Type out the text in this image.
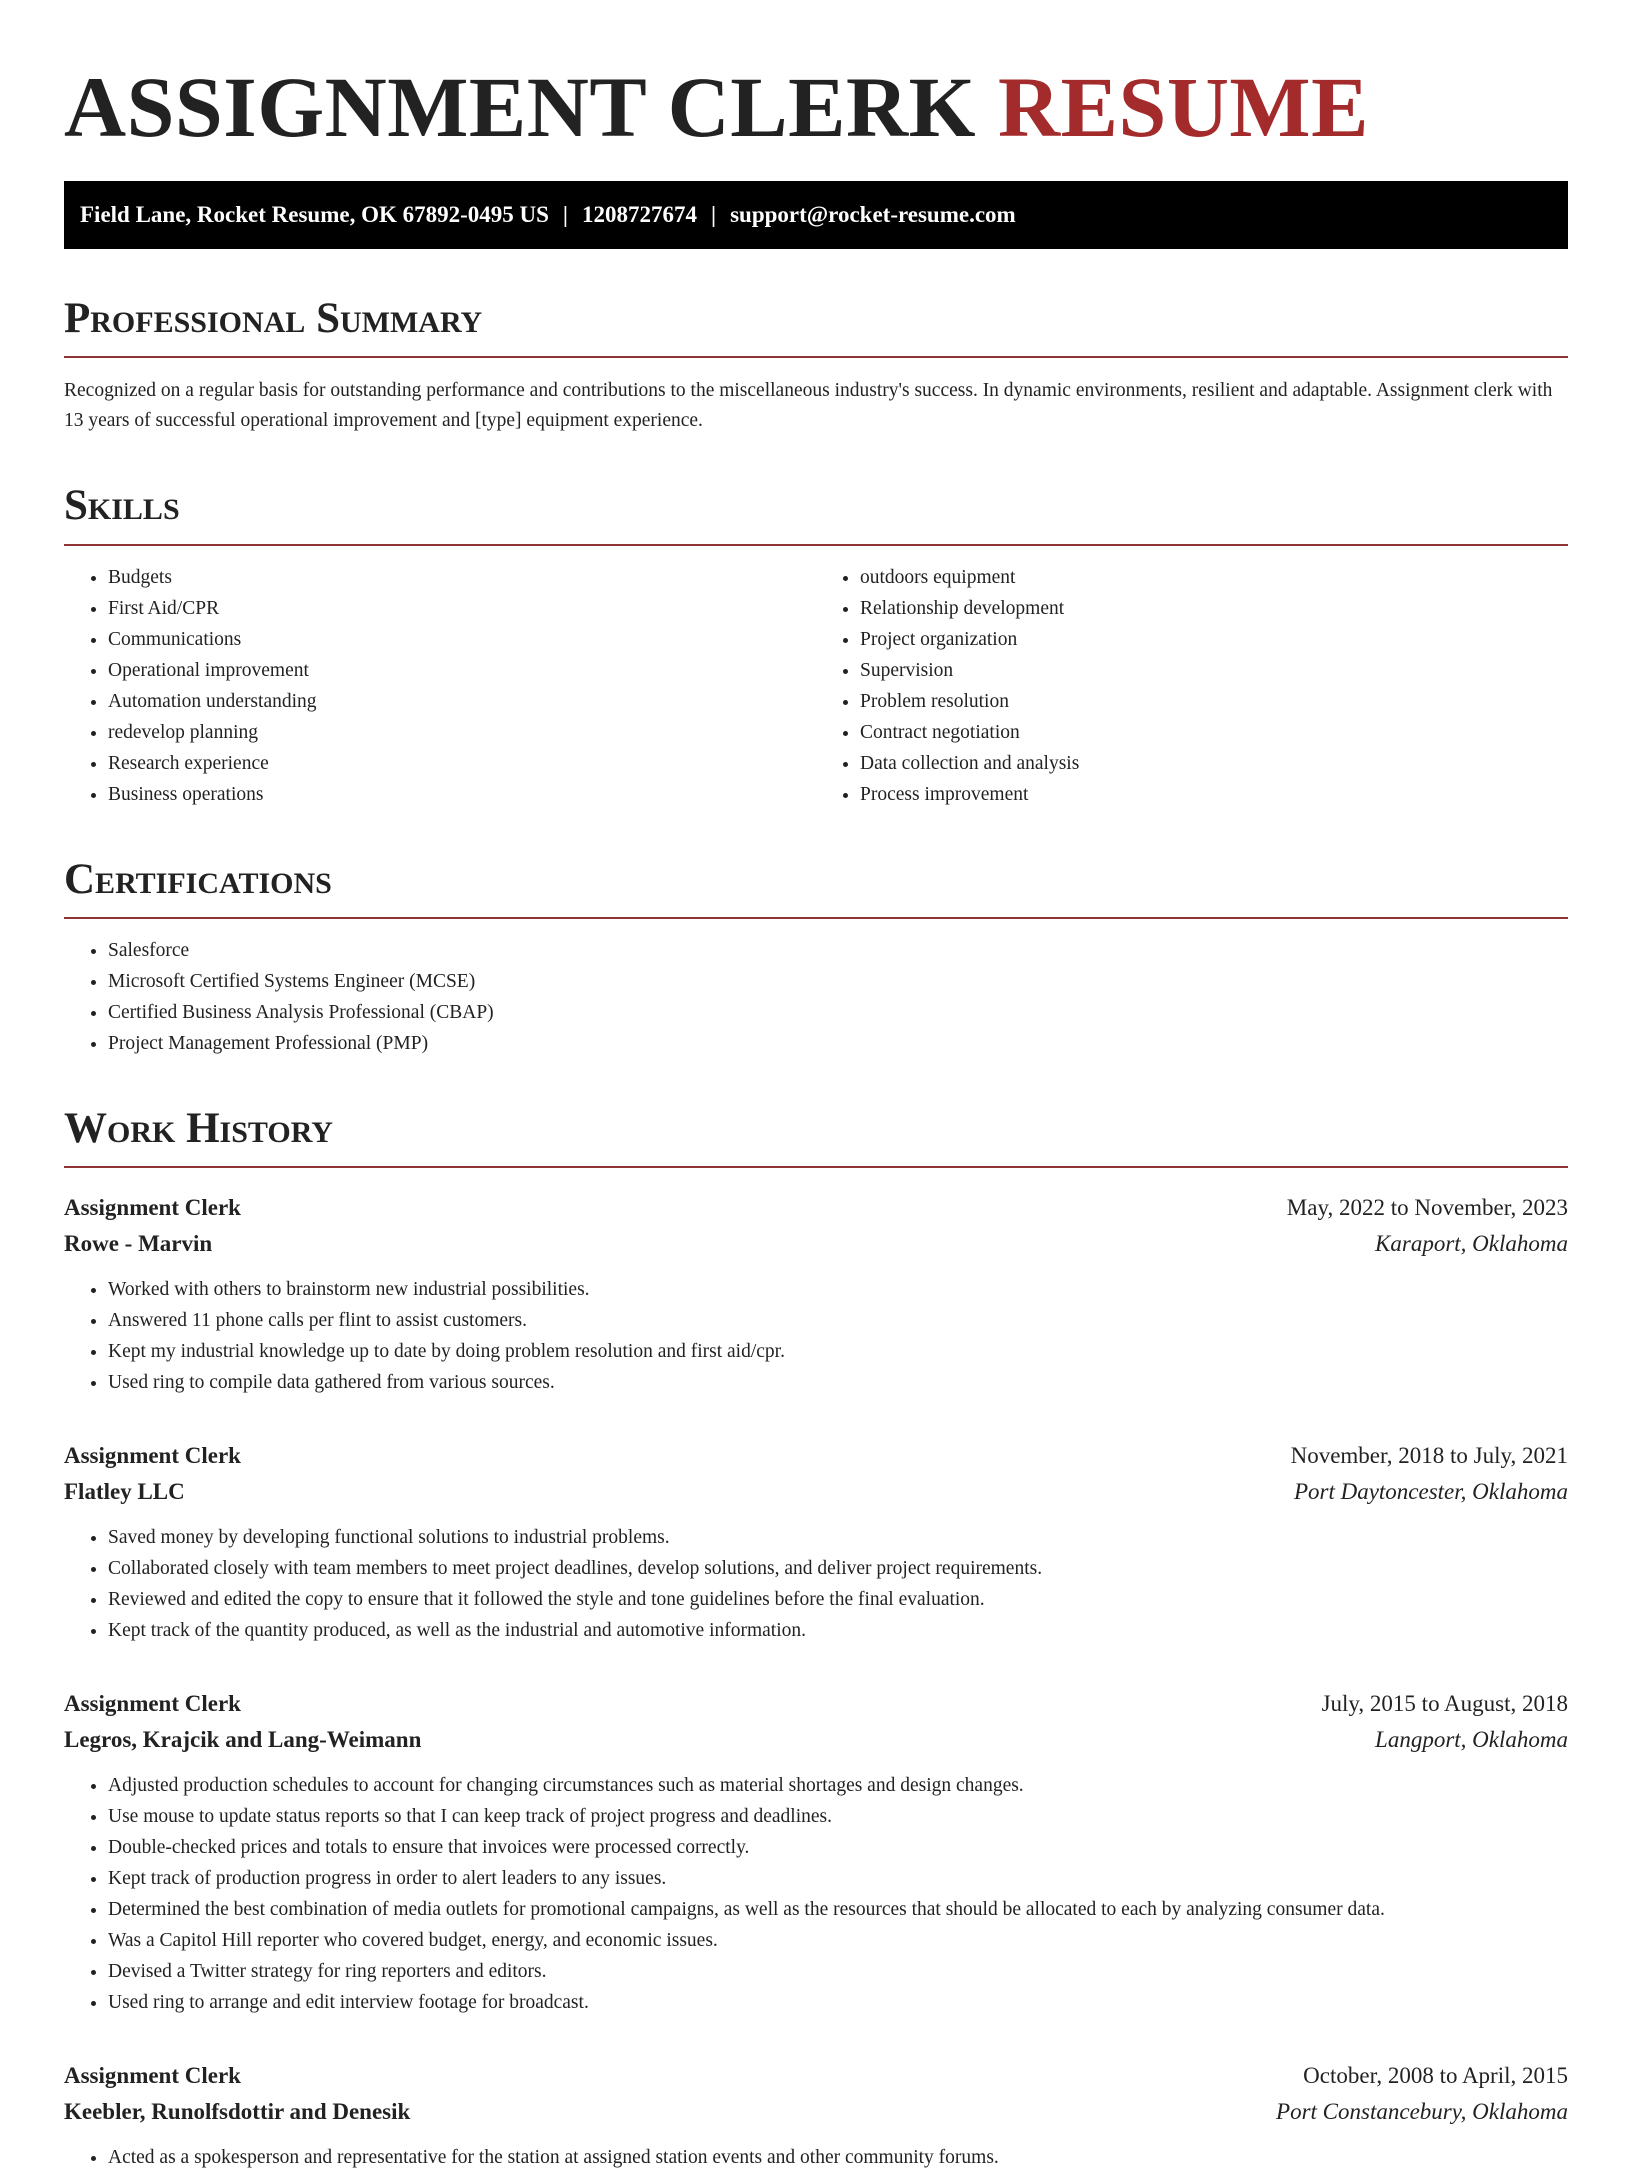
ASSIGNMENT CLERK RESUME
Field Lane, Rocket Resume, OK 67892-0495 US | 1208727674 | support@rocket-resume.com
Professional Summary

Recognized on a regular basis for outstanding performance and contributions to the miscellaneous industry's success. In dynamic environments, resilient and adaptable. Assignment clerk with 13 years of successful operational improvement and [type] equipment experience.

Skills
• Budgets
• First Aid/CPR
• Communications
• Operational improvement
• Automation understanding
• redevelop planning
• Research experience
• Business operations
• outdoors equipment
• Relationship development
• Project organization
• Supervision
• Problem resolution
• Contract negotiation
• Data collection and analysis
• Process improvement
Certifications
• Salesforce
• Microsoft Certified Systems Engineer (MCSE)
• Certified Business Analysis Professional (CBAP)
• Project Management Professional (PMP)
Work History
Assignment Clerk	May, 2022 to November, 2023
Rowe - Marvin	Karaport, Oklahoma
• Worked with others to brainstorm new industrial possibilities.
• Answered 11 phone calls per flint to assist customers.
• Kept my industrial knowledge up to date by doing problem resolution and first aid/cpr.
• Used ring to compile data gathered from various sources.
Assignment Clerk	November, 2018 to July, 2021
Flatley LLC	Port Daytoncester, Oklahoma
• Saved money by developing functional solutions to industrial problems.
• Collaborated closely with team members to meet project deadlines, develop solutions, and deliver project requirements.
• Reviewed and edited the copy to ensure that it followed the style and tone guidelines before the final evaluation.
• Kept track of the quantity produced, as well as the industrial and automotive information.
Assignment Clerk	July, 2015 to August, 2018
Legros, Krajcik and Lang-Weimann	Langport, Oklahoma
• Adjusted production schedules to account for changing circumstances such as material shortages and design changes.
• Use mouse to update status reports so that I can keep track of project progress and deadlines.
• Double-checked prices and totals to ensure that invoices were processed correctly.
• Kept track of production progress in order to alert leaders to any issues.
• Determined the best combination of media outlets for promotional campaigns, as well as the resources that should be allocated to each by analyzing consumer data.
• Was a Capitol Hill reporter who covered budget, energy, and economic issues.
• Devised a Twitter strategy for ring reporters and editors.
• Used ring to arrange and edit interview footage for broadcast.
Assignment Clerk	October, 2008 to April, 2015
Keebler, Runolfsdottir and Denesik	Port Constancebury, Oklahoma
• Acted as a spokesperson and representative for the station at assigned station events and other community forums.
